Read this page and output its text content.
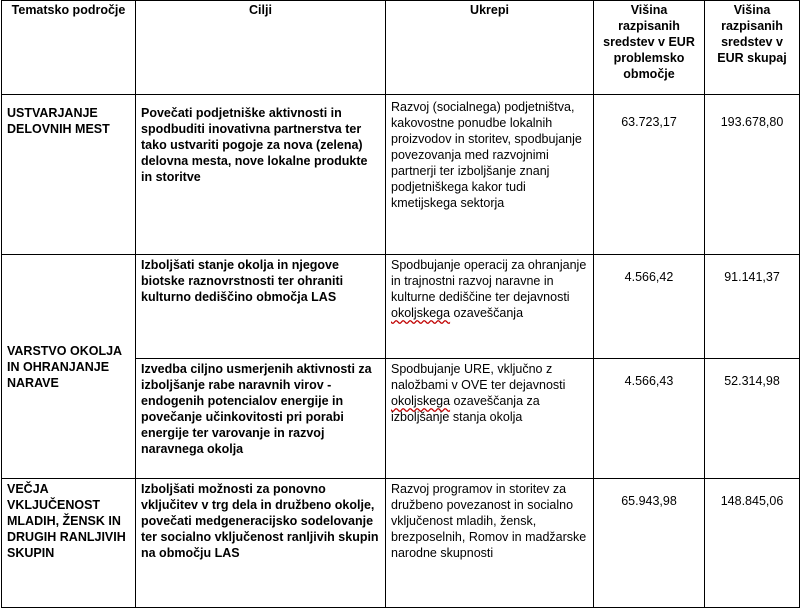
Tematsko področje	Cilji	Ukrepi	Višina razpisanih sredstev v EUR problemsko območje	Višina razpisanih sredstev v EUR skupaj
USTVARJANJE DELOVNIH MEST	Povečati podjetniške aktivnosti in spodbuditi inovativna partnerstva ter tako ustvariti pogoje za nova (zelena) delovna mesta, nove lokalne produkte in storitve	Razvoj (socialnega) podjetništva, kakovostne ponudbe lokalnih proizvodov in storitev, spodbujanje povezovanja med razvojnimi partnerji ter izboljšanje znanj podjetniškega kakor tudi kmetijskega sektorja	63.723,17	193.678,80
VARSTVO OKOLJA IN OHRANJANJE NARAVE	Izboljšati stanje okolja in njegove biotske raznovrstnosti ter ohraniti kulturno dediščino območja LAS	Spodbujanje operacij za ohranjanje in trajnostni razvoj naravne in kulturne dediščine ter dejavnosti okoljskega ozaveščanja	4.566,42	91.141,37
	Izvedba ciljno usmerjenih aktivnosti za izboljšanje rabe naravnih virov - endogenih potencialov energije in povečanje učinkovitosti pri porabi energije ter varovanje in razvoj naravnega okolja	Spodbujanje URE, vključno z naložbami v OVE ter dejavnosti okoljskega ozaveščanja za izboljšanje stanja okolja	4.566,43	52.314,98
VEČJA VKLJUČENOST MLADIH, ŽENSK IN DRUGIH RANLJIVIH SKUPIN	Izboljšati možnosti za ponovno vključitev v trg dela in družbeno okolje, povečati medgeneracijsko sodelovanje ter socialno vključenost ranljivih skupin na območju LAS	Razvoj programov in storitev za družbeno povezanost in socialno vključenost mladih, žensk, brezposelnih, Romov in madžarske narodne skupnosti	65.943,98	148.845,06
